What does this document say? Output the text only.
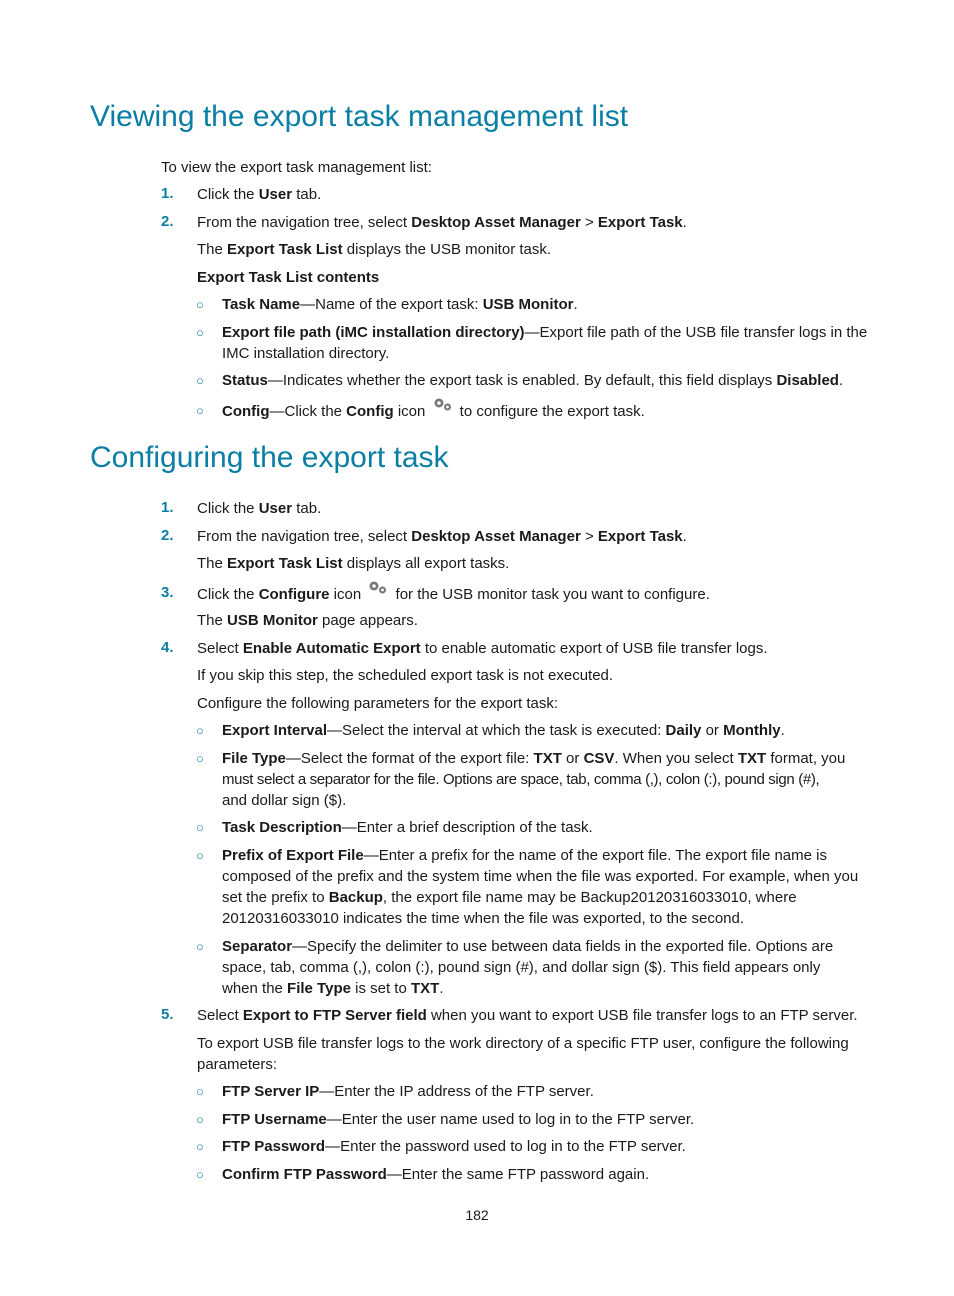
Viewing the export task management list
To view the export task management list:
1. Click the User tab.
2. From the navigation tree, select Desktop Asset Manager > Export Task.
The Export Task List displays the USB monitor task.
Export Task List contents
○ Task Name—Name of the export task: USB Monitor.
○ Export file path (iMC installation directory)—Export file path of the USB file transfer logs in the
IMC installation directory.
○ Status—Indicates whether the export task is enabled. By default, this field displays Disabled.
○ Config—Click the Config icon
to configure the export task.
Configuring the export task
1. Click the User tab.
2. From the navigation tree, select Desktop Asset Manager > Export Task.
The Export Task List displays all export tasks.
3. Click the Configure icon
for the USB monitor task you want to configure.
The USB Monitor page appears.
4. Select Enable Automatic Export to enable automatic export of USB file transfer logs.
If you skip this step, the scheduled export task is not executed.
Configure the following parameters for the export task:
○ Export Interval—Select the interval at which the task is executed: Daily or Monthly.
○ File Type—Select the format of the export file: TXT or CSV. When you select TXT format, you
must select a separator for the file. Options are space, tab, comma (,), colon (:), pound sign (#),
and dollar sign ($).
○ Task Description—Enter a brief description of the task.
○ Prefix of Export File—Enter a prefix for the name of the export file. The export file name is
composed of the prefix and the system time when the file was exported. For example, when you
set the prefix to Backup, the export file name may be Backup20120316033010, where
20120316033010 indicates the time when the file was exported, to the second.
○ Separator—Specify the delimiter to use between data fields in the exported file. Options are
space, tab, comma (,), colon (:), pound sign (#), and dollar sign ($). This field appears only
when the File Type is set to TXT.
5. Select Export to FTP Server field when you want to export USB file transfer logs to an FTP server.
To export USB file transfer logs to the work directory of a specific FTP user, configure the following
parameters:
○ FTP Server IP—Enter the IP address of the FTP server.
○ FTP Username—Enter the user name used to log in to the FTP server.
○ FTP Password—Enter the password used to log in to the FTP server.
○ Confirm FTP Password—Enter the same FTP password again.
182
